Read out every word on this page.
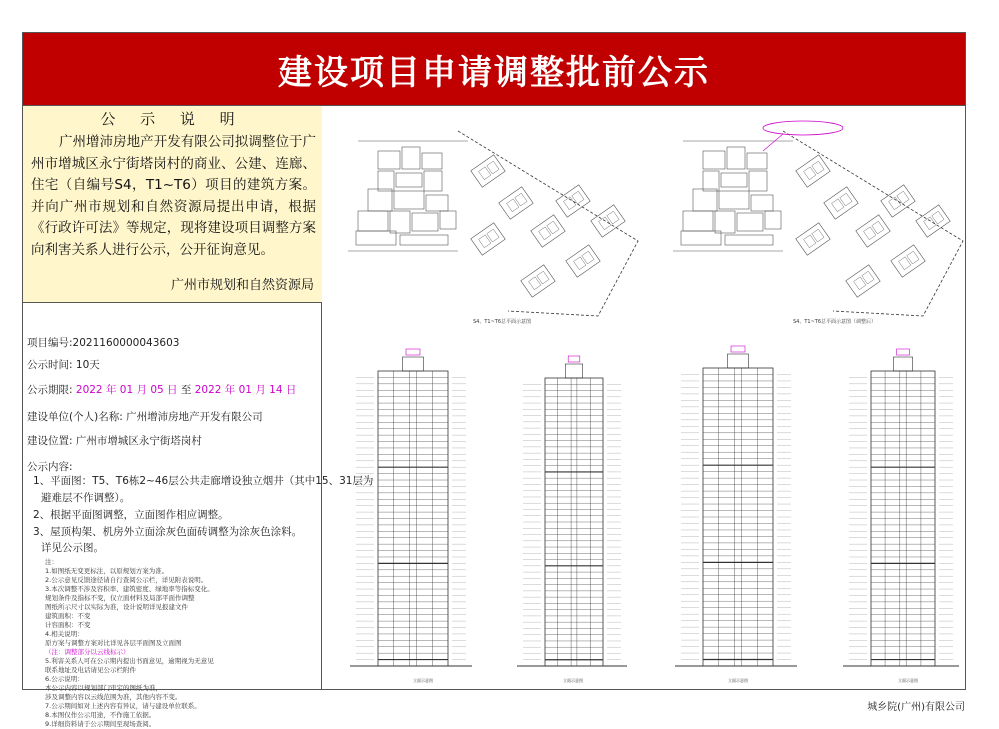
建设项目申请调整批前公示
公 示 说 明
广州增沛房地产开发有限公司拟调整位于广州市增城区永宁街塔岗村的商业、公建、连廊、住宅（自编号S4，T1~T6）项目的建筑方案。并向广州市规划和自然资源局提出申请，根据《行政许可法》等规定，现将建设项目调整方案向利害关系人进行公示，公开征询意见。
广州市规划和自然资源局
项目编号:2021160000043603
公示时间: 10天
公示期限: 2022 年 01 月 05 日 至 2022 年 01 月 14 日
建设单位(个人)名称: 广州增沛房地产开发有限公司
建设位置: 广州市增城区永宁街塔岗村
公示内容:
1、平面图：T5、T6栋2~46层公共走廊增设独立烟井（其中15、31层为
避难层不作调整）。
2、根据平面图调整，立面图作相应调整。
3、屋顶构架、机房外立面涂灰色面砖调整为涂灰色涂料。
详见公示图。
注：
1.如图纸无变更标注，以原规划方案为准。
2.公示意见反馈途径请自行查阅公示栏，详见附表说明。
3.本次调整不涉及容积率、建筑密度、绿地率等指标变化。
规划条件及指标不变，仅立面材料及局部平面作调整
图纸所示尺寸以实际为准，设计说明详见报建文件
建筑面积：不变
计容面积：不变
4.相关说明：
原方案与调整方案对比详见各层平面图及立面图
（注：调整部分以云线标示）
5.利害关系人可在公示期内提出书面意见，逾期视为无意见
联系地址及电话请见公示栏附件
6.公示说明：
本公示内容以规划部门审定的图纸为准，
涉及调整内容以云线范围为准，其他内容不变。
7.公示期间如对上述内容有异议，请与建设单位联系。
8.本图仅作公示用途，不作施工依据。
9.详细资料请于公示期间至现场查阅。
S4、T1~T6总平面示意图	S4、T1~T6总平面示意图（调整后）
立面示意图	立面示意图	立面示意图	立面示意图
城乡院(广州)有限公司
